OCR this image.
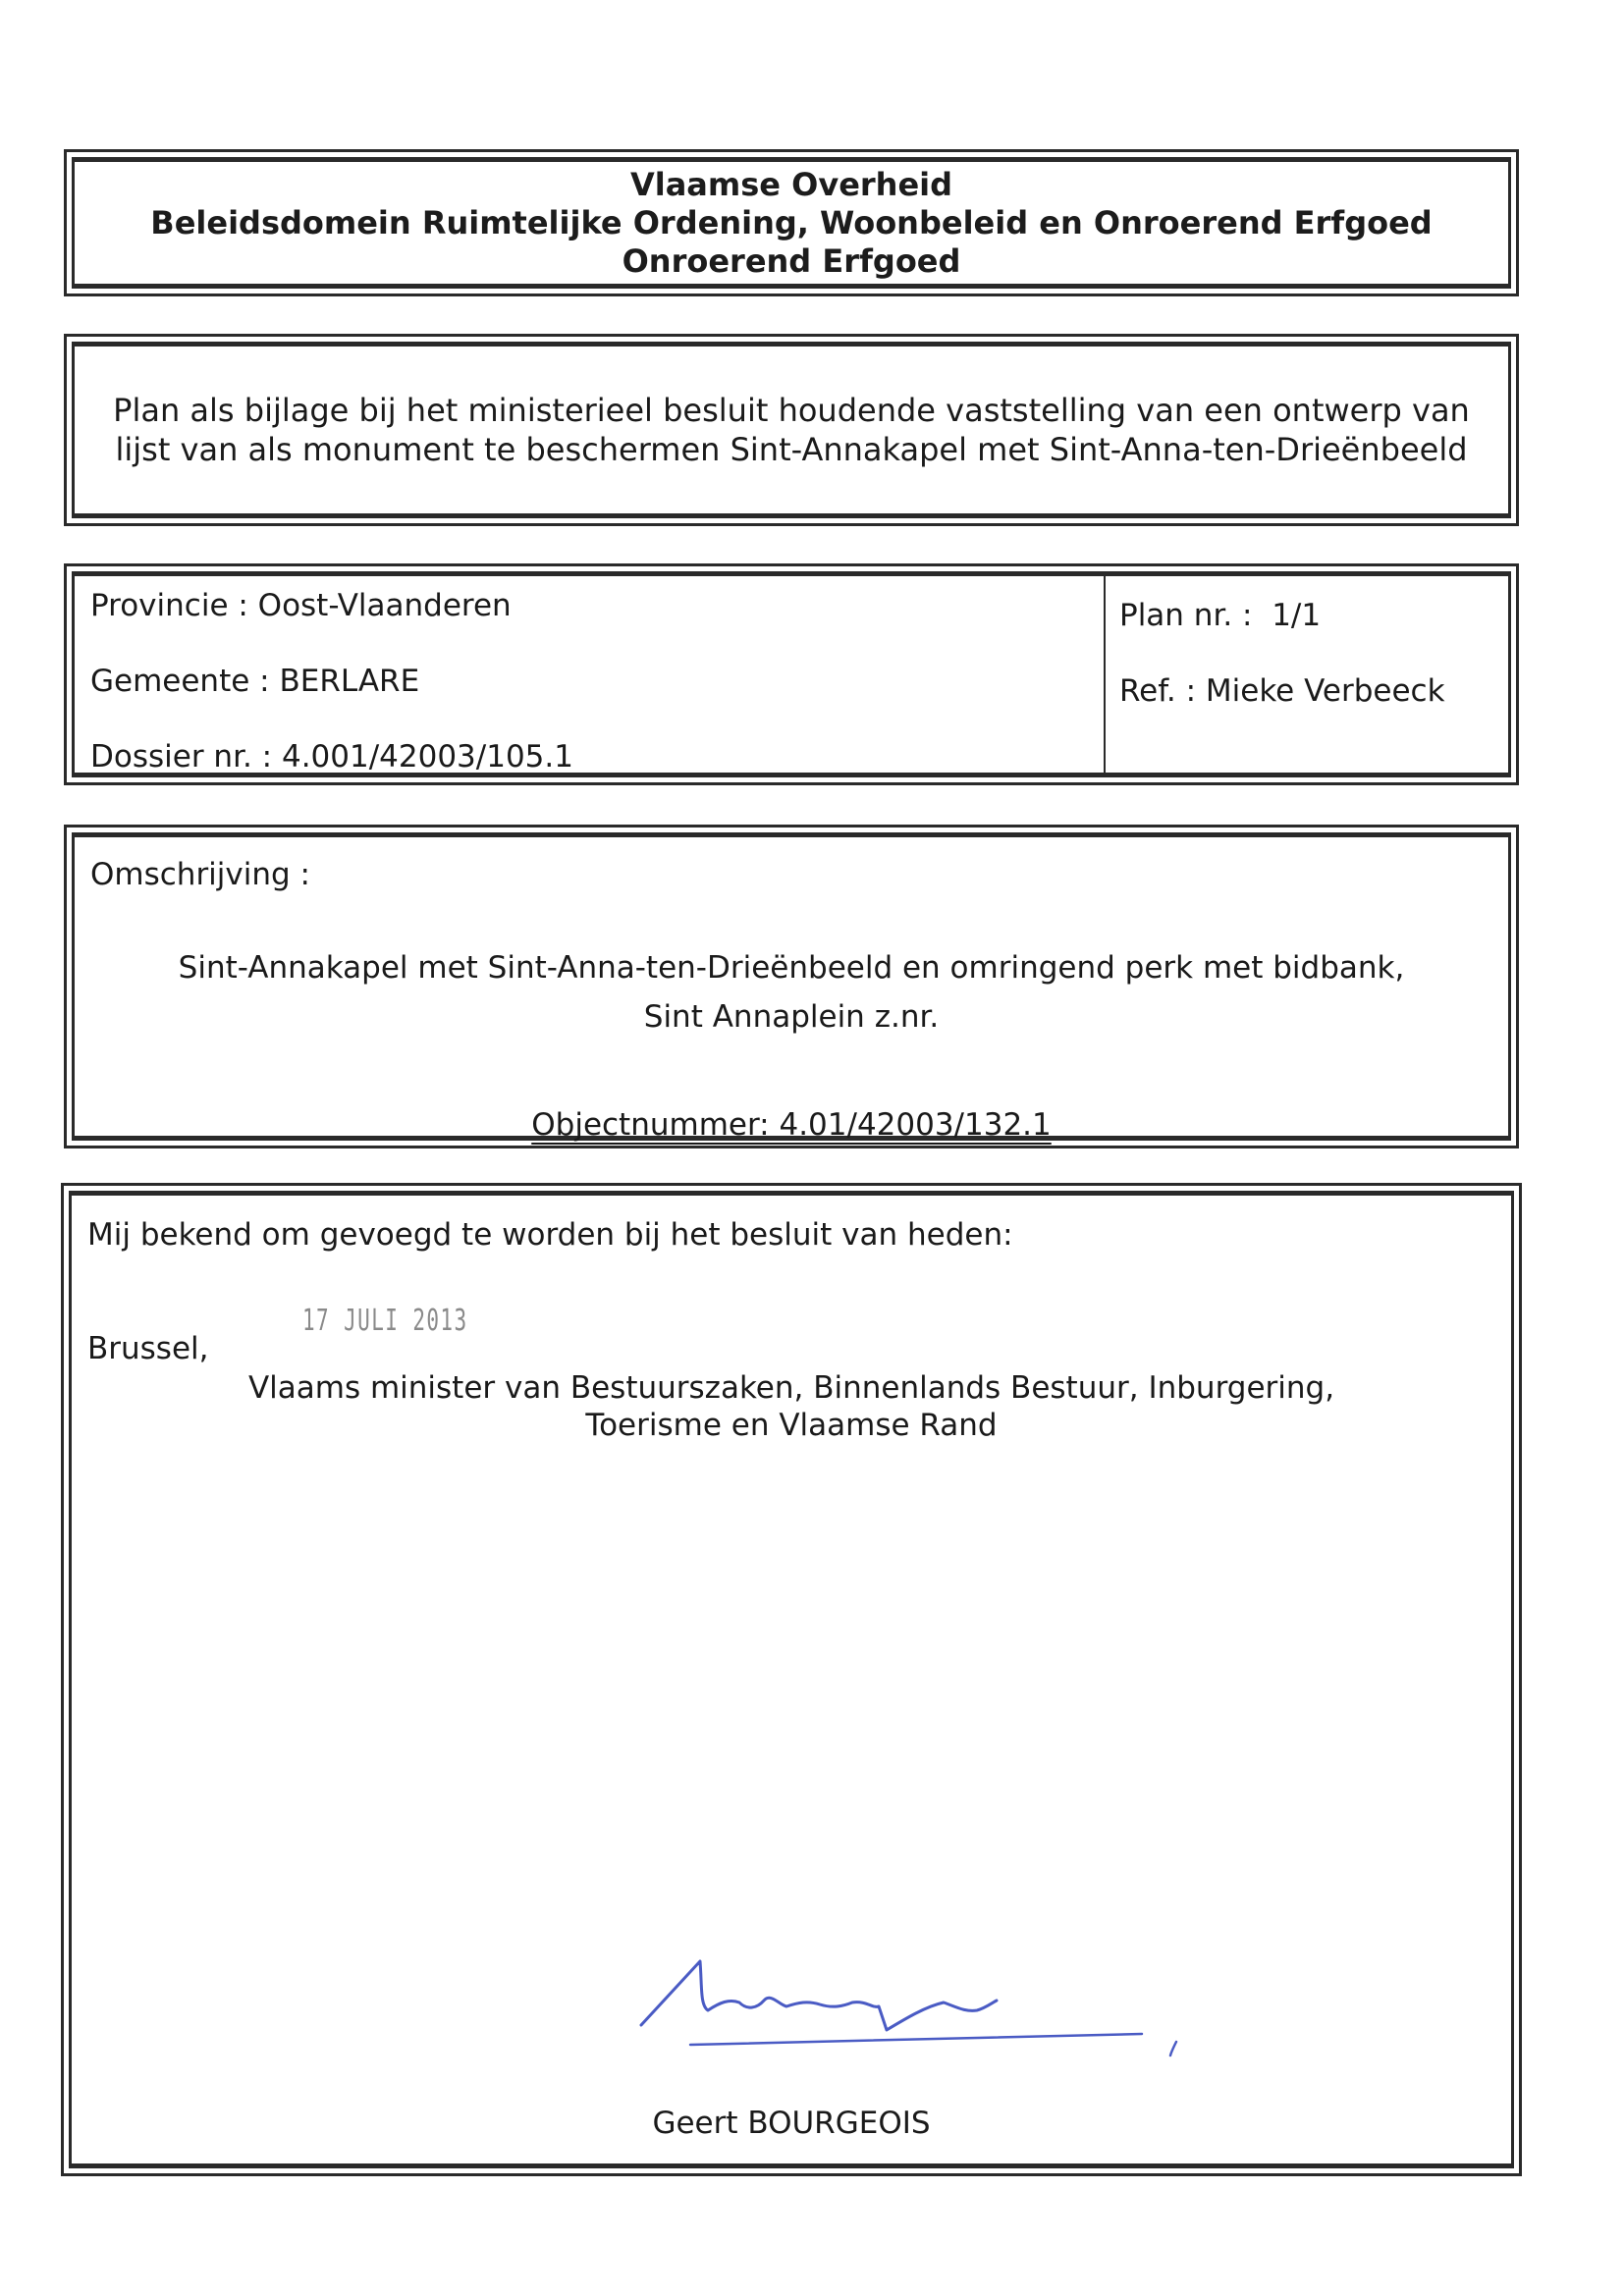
Vlaamse Overheid
Beleidsdomein Ruimtelijke Ordening, Woonbeleid en Onroerend Erfgoed
Onroerend Erfgoed
Plan als bijlage bij het ministerieel besluit houdende vaststelling van een ontwerp van
lijst van als monument te beschermen Sint-Annakapel met Sint-Anna-ten-Drieënbeeld
Provincie : Oost-Vlaanderen
Gemeente : BERLARE
Dossier nr. : 4.001/42003/105.1
Plan nr. :  1/1
Ref. : Mieke Verbeeck
Omschrijving :
Sint-Annakapel met Sint-Anna-ten-Drieënbeeld en omringend perk met bidbank,
Sint Annaplein z.nr.
Objectnummer: 4.01/42003/132.1
Mij bekend om gevoegd te worden bij het besluit van heden:
17 JULI 2013
Brussel,
Vlaams minister van Bestuurszaken, Binnenlands Bestuur, Inburgering,
Toerisme en Vlaamse Rand
Geert BOURGEOIS
